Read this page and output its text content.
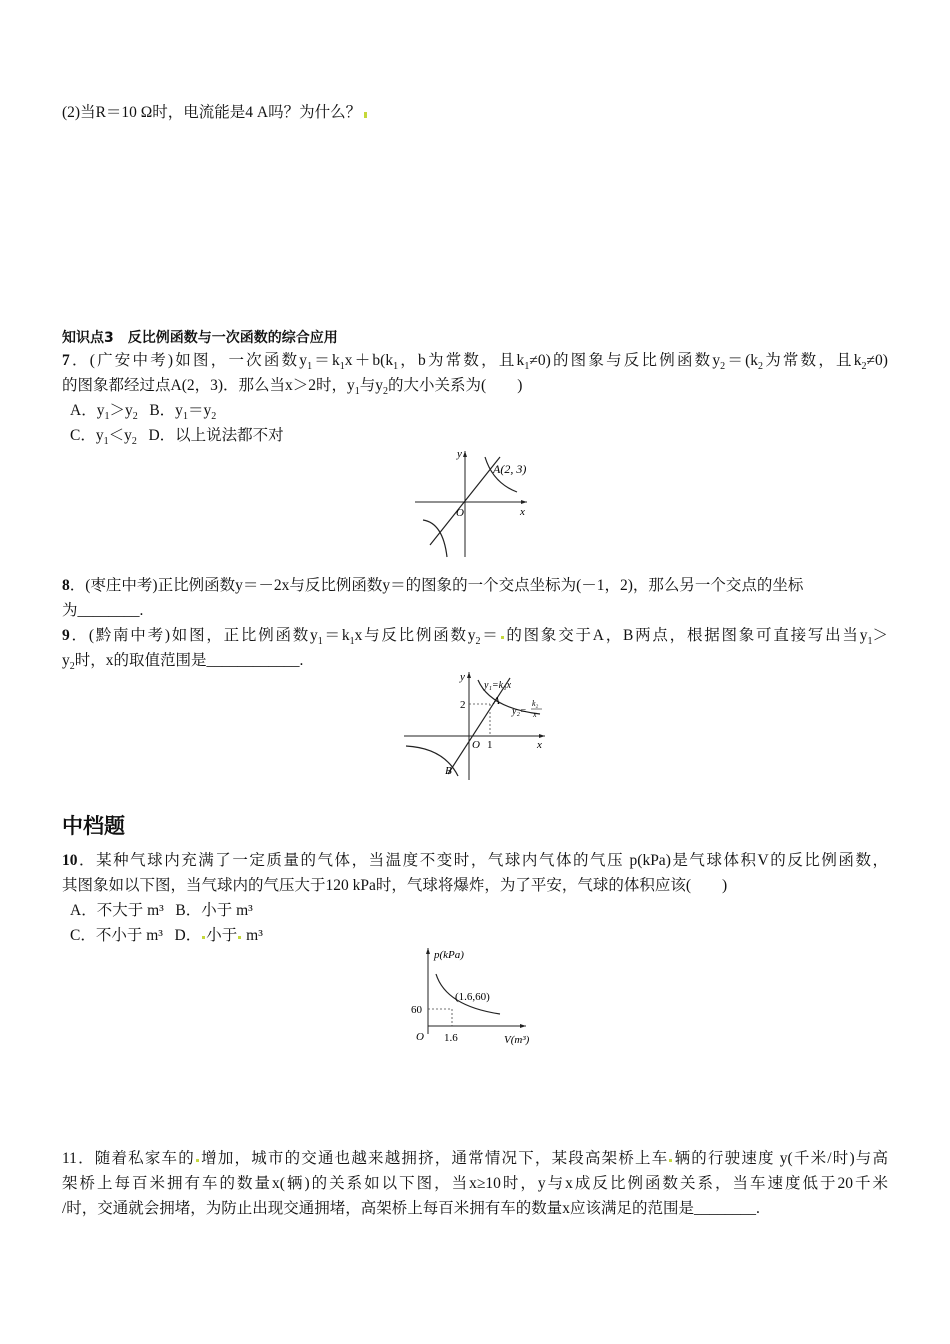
(2)当R＝10 Ω时，电流能是4 A吗？为什么？
知识点3　反比例函数与一次函数的综合应用
7．(广安中考)如图，一次函数$y_1=k_1x+b(k_1$，b为常数，且$k_1\ne 0$)的图象与反比例函数$y_2=(k_2$为常数，且$k_2\ne 0$)
的图象都经过点A(2，3)．那么当x＞2时，$y_1$与$y_2$的大小关系为(　　)
A．$y_1>y_2$ B．$y_1=y_2$
C．$y_1<y_2$ D．以上说法都不对
A(2, 3)
x
y
O
8．(枣庄中考)正比例函数y＝－2x与反比例函数y＝的图象的一个交点坐标为(－1，2)，那么另一个交点的坐标
为________.
9．(黔南中考)如图，正比例函数$y_1=k_1x$与反比例函数$y_2=$ 的图象交于A，B两点，根据图象可直接写出当$y_1>$
$y_2$时，x的取值范围是____________.
y₁=k₁x
y₂=
k₂
x
A
B
2
1
O	x
y
中档题
10．某种气球内充满了一定质量的气体，当温度不变时，气球内气体的气压 p(kPa)是气球体积V的反比例函数，
其图象如以下图，当气球内的气压大于120 kPa时，气球将爆炸，为了平安，气球的体积应该(　　)
A．不大于 m³ B．小于 m³
C．不小于 m³ D． 小于 m³
p(kPa)
V(m³)
(1.6,60)
60
1.6
O
11．随着私家车的 增加，城市的交通也越来越拥挤，通常情况下，某段高架桥上车 辆的行驶速度 y(千米/时)与高
架桥上每百米拥有车的数量x(辆)的关系如以下图，当x≥10时，y与x成反比例函数关系，当车速度低于20千米
/时，交通就会拥堵，为防止出现交通拥堵，高架桥上每百米拥有车的数量x应该满足的范围是________.
